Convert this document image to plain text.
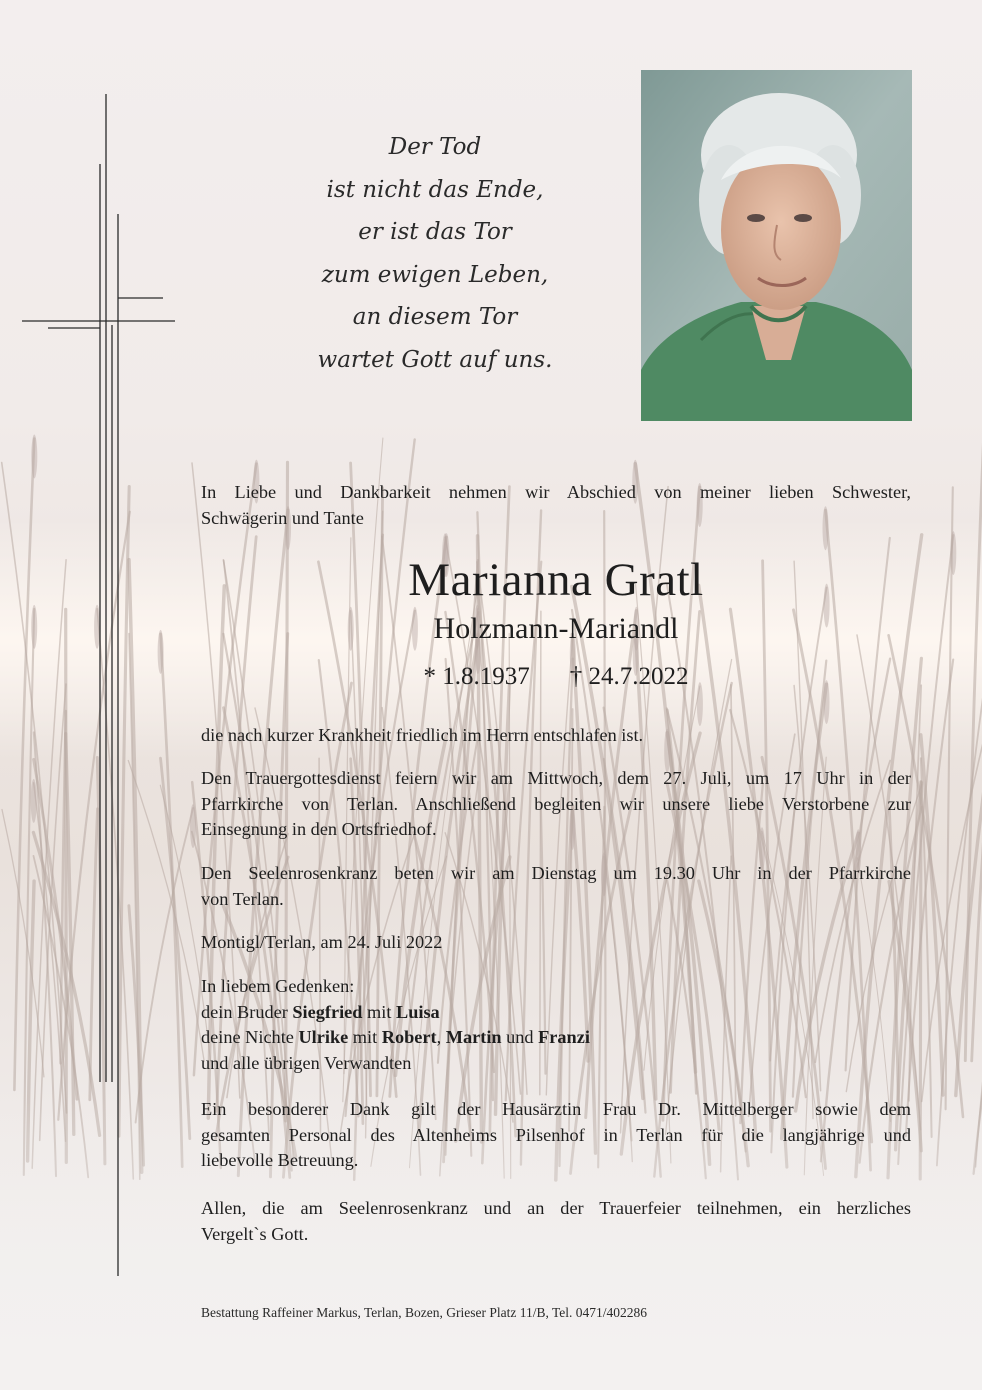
Der Tod
ist nicht das Ende,
er ist das Tor
zum ewigen Leben,
an diesem Tor
wartet Gott auf uns.
In Liebe und Dankbarkeit nehmen wir Abschied von meiner lieben Schwester,
Schwägerin und Tante
Marianna Gratl
Holzmann-Mariandl
* 1.8.1937 † 24.7.2022
die nach kurzer Krankheit friedlich im Herrn entschlafen ist.
Den Trauergottesdienst feiern wir am Mittwoch, dem 27. Juli, um 17 Uhr in der
Pfarrkirche von Terlan. Anschließend begleiten wir unsere liebe Verstorbene zur
Einsegnung in den Ortsfriedhof.
Den Seelenrosenkranz beten wir am Dienstag um 19.30 Uhr in der Pfarrkirche
von Terlan.
Montigl/Terlan, am 24. Juli 2022
In liebem Gedenken:
dein Bruder Siegfried mit Luisa
deine Nichte Ulrike mit Robert, Martin und Franzi
und alle übrigen Verwandten
Ein besonderer Dank gilt der Hausärztin Frau Dr. Mittelberger sowie dem
gesamten Personal des Altenheims Pilsenhof in Terlan für die langjährige und
liebevolle Betreuung.
Allen, die am Seelenrosenkranz und an der Trauerfeier teilnehmen, ein herzliches
Vergelt`s Gott.
Bestattung Raffeiner Markus, Terlan, Bozen, Grieser Platz 11/B, Tel. 0471/402286
